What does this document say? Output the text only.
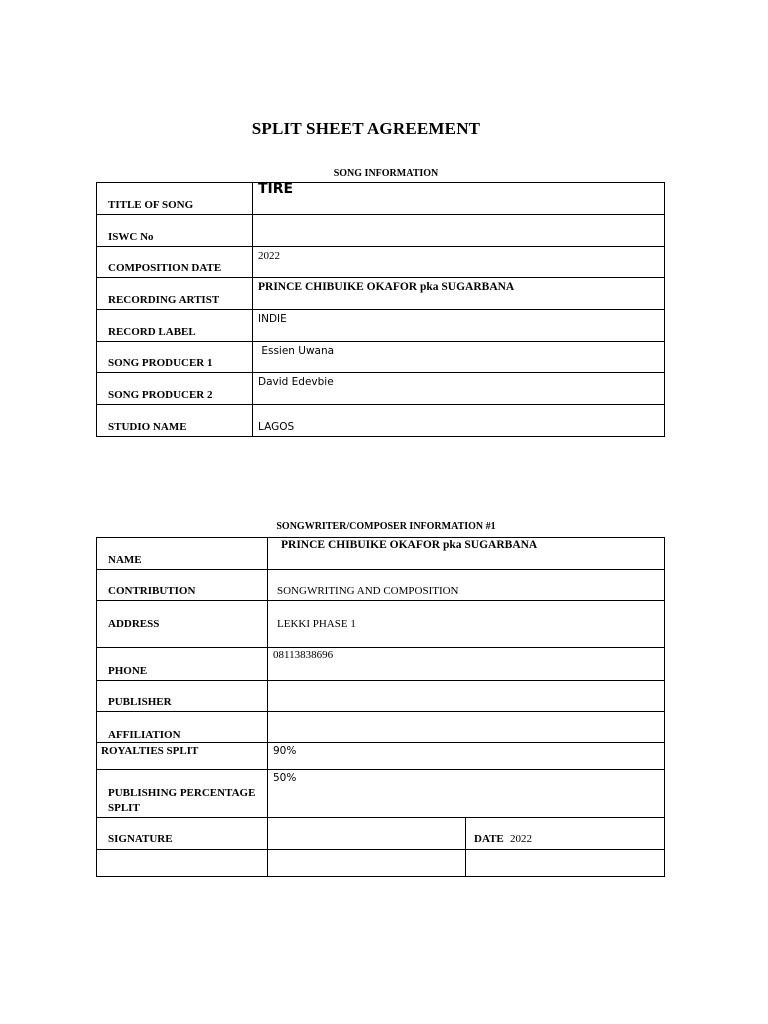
SPLIT SHEET AGREEMENT
SONG INFORMATION
TITLE OF SONG	TIRE

ISWC No	

COMPOSITION DATE	2022

RECORDING ARTIST	PRINCE CHIBUIKE OKAFOR pka SUGARBANA

RECORD LABEL	INDIE

SONG PRODUCER 1	Essien Uwana

SONG PRODUCER 2	David Edevbie

STUDIO NAME	LAGOS
SONGWRITER/COMPOSER INFORMATION #1
NAME	PRINCE CHIBUIKE OKAFOR pka SUGARBANA	

CONTRIBUTION	SONGWRITING AND COMPOSITION	

ADDRESS	LEKKI PHASE 1	

PHONE	08113838696	

PUBLISHER		

AFFILIATION		

ROYALTIES SPLIT	90%	

PUBLISHING PERCENTAGE
SPLIT	50%	

SIGNATURE		DATE 2022
